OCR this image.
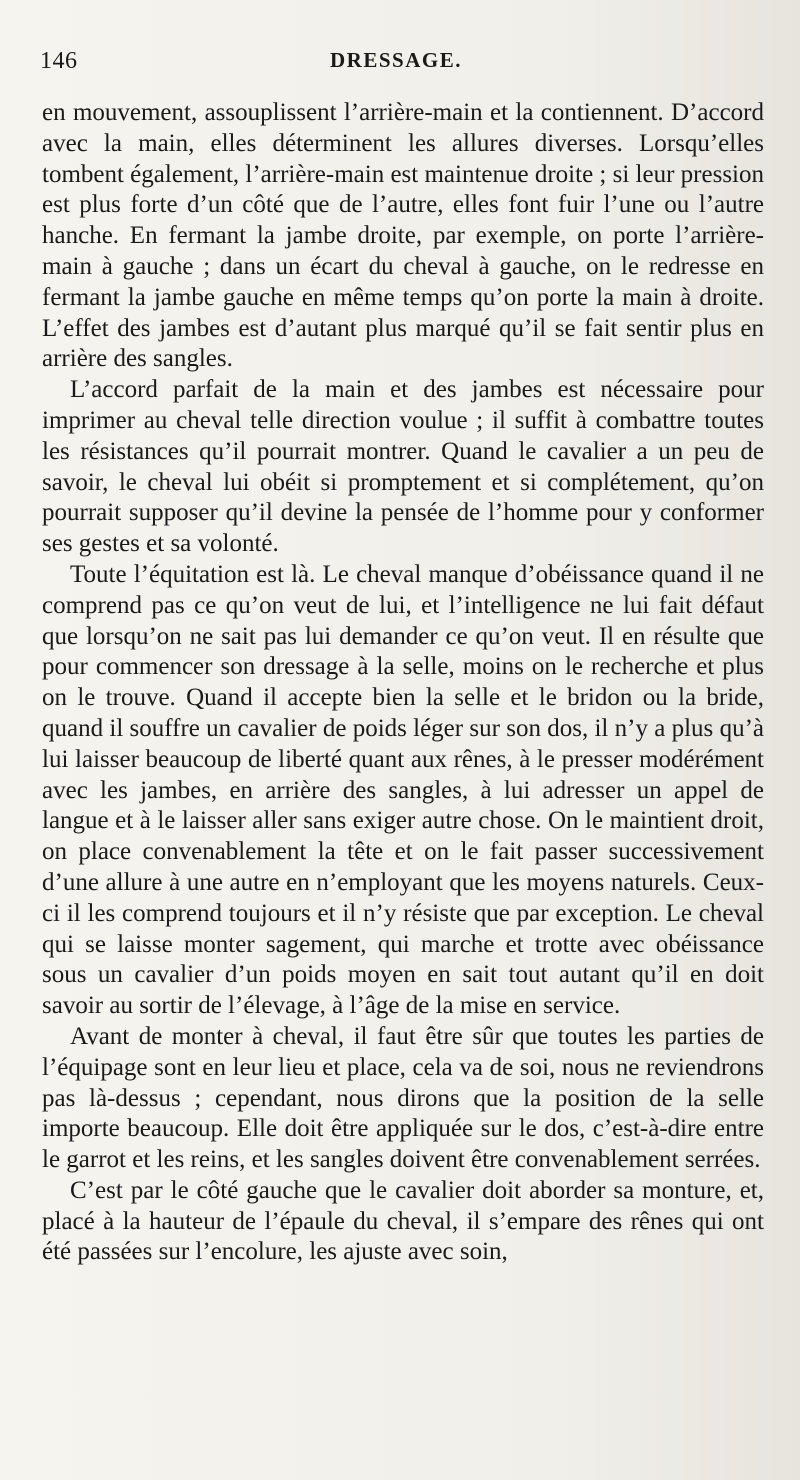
146	DRESSAGE.

en mouvement, assouplissent l’arrière-main et la contiennent. D’accord avec la main, elles déterminent les allures diverses. Lorsqu’elles tombent également, l’arrière-main est maintenue droite ; si leur pression est plus forte d’un côté que de l’autre, elles font fuir l’une ou l’autre hanche. En fermant la jambe droite, par exemple, on porte l’arrière-main à gauche ; dans un écart du cheval à gauche, on le redresse en fermant la jambe gauche en même temps qu’on porte la main à droite. L’effet des jambes est d’autant plus marqué qu’il se fait sentir plus en arrière des sangles.

L’accord parfait de la main et des jambes est nécessaire pour imprimer au cheval telle direction voulue ; il suffit à combattre toutes les résistances qu’il pourrait montrer. Quand le cavalier a un peu de savoir, le cheval lui obéit si promptement et si complétement, qu’on pourrait supposer qu’il devine la pensée de l’homme pour y conformer ses gestes et sa volonté.

Toute l’équitation est là. Le cheval manque d’obéissance quand il ne comprend pas ce qu’on veut de lui, et l’intelligence ne lui fait défaut que lorsqu’on ne sait pas lui demander ce qu’on veut. Il en résulte que pour commencer son dressage à la selle, moins on le recherche et plus on le trouve. Quand il accepte bien la selle et le bridon ou la bride, quand il souffre un cavalier de poids léger sur son dos, il n’y a plus qu’à lui laisser beaucoup de liberté quant aux rênes, à le presser modérément avec les jambes, en arrière des sangles, à lui adresser un appel de langue et à le laisser aller sans exiger autre chose. On le maintient droit, on place convenablement la tête et on le fait passer successivement d’une allure à une autre en n’employant que les moyens naturels. Ceux-ci il les comprend toujours et il n’y résiste que par exception. Le cheval qui se laisse monter sagement, qui marche et trotte avec obéissance sous un cavalier d’un poids moyen en sait tout autant qu’il en doit savoir au sortir de l’élevage, à l’âge de la mise en service.

Avant de monter à cheval, il faut être sûr que toutes les parties de l’équipage sont en leur lieu et place, cela va de soi, nous ne reviendrons pas là-dessus ; cependant, nous dirons que la position de la selle importe beaucoup. Elle doit être appliquée sur le dos, c’est-à-dire entre le garrot et les reins, et les sangles doivent être convenablement serrées.

C’est par le côté gauche que le cavalier doit aborder sa monture, et, placé à la hauteur de l’épaule du cheval, il s’empare des rênes qui ont été passées sur l’encolure, les ajuste avec soin,
